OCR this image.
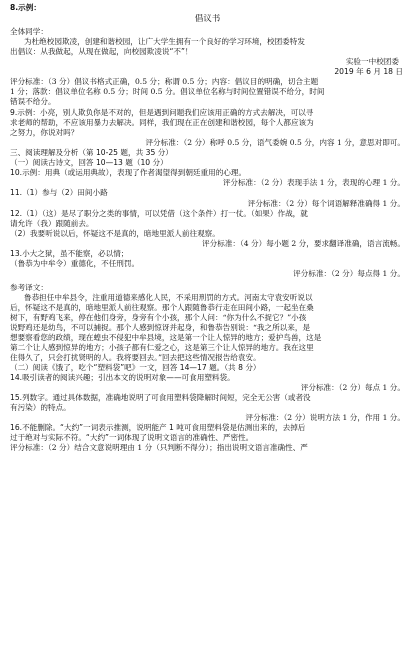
8.示例：

倡议书

全体同学：

为杜绝校园欺凌，创建和谐校园，让广大学生拥有一个良好的学习环境，校团委特发

出倡议：从我做起，从现在做起，向校园欺凌说“不”！

实验一中校团委

2019 年 6 月 18 日

评分标准：（3 分）倡议书格式正确，0.5 分；称谓 0.5 分；内容：倡议目的明确，切合主题

1 分；落款：倡议单位名称 0.5 分；时间 0.5 分。倡议单位名称与时间位置错误不给分，时间

错误不给分。

9.示例：小亮，别人欺负你是不对的，但是遇到问题我们应该用正确的方式去解决，可以寻

求老师的帮助，不应该用暴力去解决。同样，我们现在正在创建和谐校园，每个人都应该为

之努力，你说对吗？

评分标准：（2 分）称呼 0.5 分，语气委婉 0.5 分，内容 1 分，意思对即可。

三、阅读理解及分析（第 10-25 题，共 35 分）

（一）阅读古诗文，回答 10—13 题（10 分）

10.示例：用典（或运用典故），表现了作者渴望得到朝廷重用的心理。

评分标准：（2 分）表现手法 1 分，表现的心理 1 分。

11.（1）参与（2）田间小路

评分标准：（2 分）每个词语解释准确得 1 分。

12.（1）（这）是尽了职分之类的事情，可以凭借（这个条件）打一仗。（如果）作战，就

请允许（我）跟随前去。

（2）我要听说以后，怀疑这不是真的，暗地里派人前往观察。

评分标准：（4 分）每小题 2 分，要求翻译准确，语言流畅。

13.小大之狱，虽不能察，必以情；

（鲁恭为中牟令）重德化，不任刑罚。

评分标准：（2 分）每点得 1 分。

参考译文：

鲁恭担任中牟县令，注重用道德来感化人民，不采用刑罚的方式。河南太守袁安听说以

后，怀疑这不是真的，暗地里派人前往观察。那个人跟随鲁恭行走在田间小路，一起坐在桑

树下，有野鸡飞来，停在他们身旁，身旁有个小孩，那个人问：“你为什么不捉它？”小孩

说野鸡还是幼鸟，不可以捕捉。那个人感到惊讶并起身，和鲁恭告别说：“我之所以来，是

想要察看您的政绩，现在蝗虫不侵犯中牟县境，这是第一个让人惊异的地方；爱护鸟兽，这是

第二个让人感到惊异的地方；小孩子都有仁爱之心，这是第三个让人惊异的地方。我在这里

住得久了，只会打扰贤明的人。我将要回去。”回去把这些情况报告给袁安。

（二）阅读《饿了，吃个“塑料袋”吧》一文，回答 14—17 题。（共 8 分）

14.吸引读者的阅读兴趣；引出本文的说明对象——可食用塑料袋。

评分标准：（2 分）每点 1 分。

15.列数字。通过具体数据，准确地说明了可食用塑料袋降解时间短，完全无公害（或者没

有污染）的特点。

评分标准：（2 分）说明方法 1 分，作用 1 分。

16.不能删除。“大约”一词表示推测，说明能产 1 吨可食用塑料袋是估测出来的，去掉后

过于绝对与实际不符。“大约”一词体现了说明文语言的准确性、严密性。

评分标准：（2 分）结合文意说明理由 1 分（只判断不得分）；指出说明文语言准确性、严
